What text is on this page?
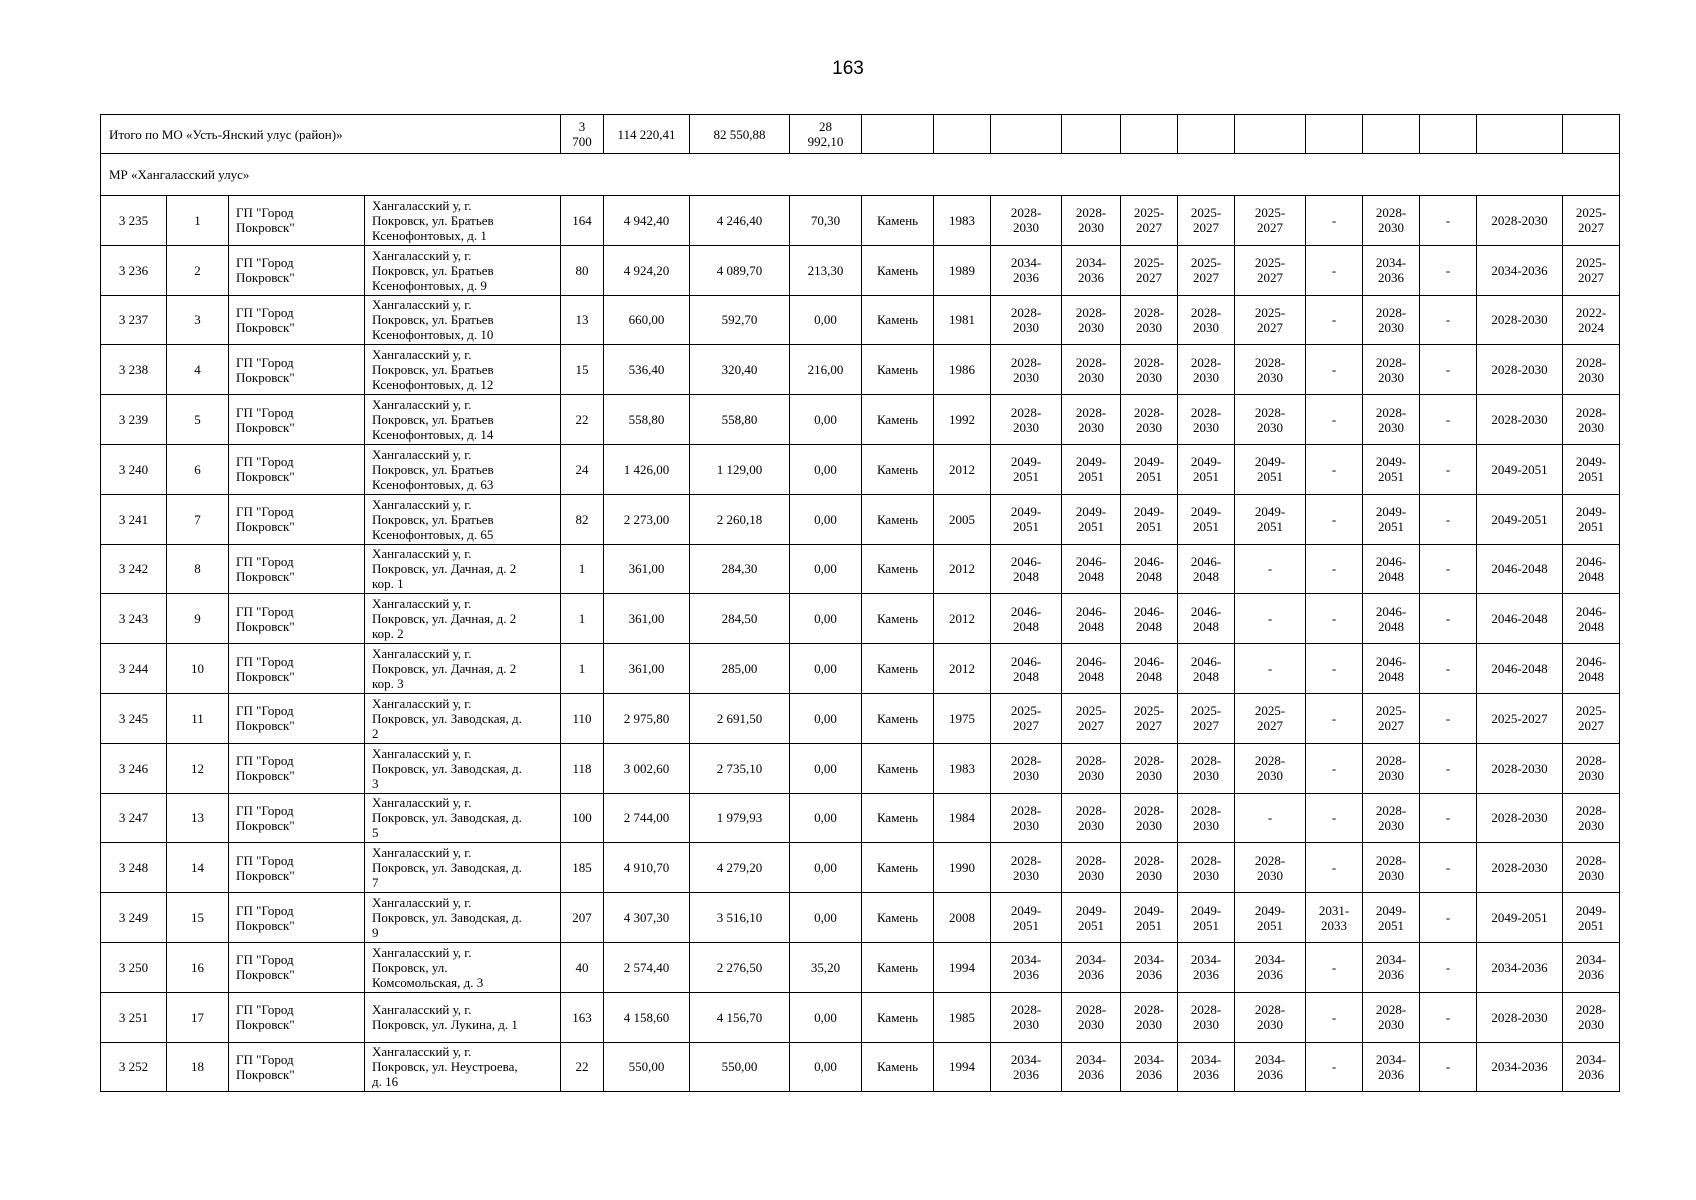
163
Итого по МО «Усть-Янский улус (район)»				3
700	114 220,41	82 550,88	28
992,10												
МР «Хангаласский улус»																			
3 235	1	ГП "Город
Покровск"	Хангаласский у, г.
Покровск, ул. Братьев
Ксенофонтовых, д. 1	164	4 942,40	4 246,40	70,30	Камень	1983	2028-
2030	2028-
2030	2025-
2027	2025-
2027	2025-
2027	-	2028-
2030	-	2028-2030	2025-
2027
3 236	2	ГП "Город
Покровск"	Хангаласский у, г.
Покровск, ул. Братьев
Ксенофонтовых, д. 9	80	4 924,20	4 089,70	213,30	Камень	1989	2034-
2036	2034-
2036	2025-
2027	2025-
2027	2025-
2027	-	2034-
2036	-	2034-2036	2025-
2027
3 237	3	ГП "Город
Покровск"	Хангаласский у, г.
Покровск, ул. Братьев
Ксенофонтовых, д. 10	13	660,00	592,70	0,00	Камень	1981	2028-
2030	2028-
2030	2028-
2030	2028-
2030	2025-
2027	-	2028-
2030	-	2028-2030	2022-
2024
3 238	4	ГП "Город
Покровск"	Хангаласский у, г.
Покровск, ул. Братьев
Ксенофонтовых, д. 12	15	536,40	320,40	216,00	Камень	1986	2028-
2030	2028-
2030	2028-
2030	2028-
2030	2028-
2030	-	2028-
2030	-	2028-2030	2028-
2030
3 239	5	ГП "Город
Покровск"	Хангаласский у, г.
Покровск, ул. Братьев
Ксенофонтовых, д. 14	22	558,80	558,80	0,00	Камень	1992	2028-
2030	2028-
2030	2028-
2030	2028-
2030	2028-
2030	-	2028-
2030	-	2028-2030	2028-
2030
3 240	6	ГП "Город
Покровск"	Хангаласский у, г.
Покровск, ул. Братьев
Ксенофонтовых, д. 63	24	1 426,00	1 129,00	0,00	Камень	2012	2049-
2051	2049-
2051	2049-
2051	2049-
2051	2049-
2051	-	2049-
2051	-	2049-2051	2049-
2051
3 241	7	ГП "Город
Покровск"	Хангаласский у, г.
Покровск, ул. Братьев
Ксенофонтовых, д. 65	82	2 273,00	2 260,18	0,00	Камень	2005	2049-
2051	2049-
2051	2049-
2051	2049-
2051	2049-
2051	-	2049-
2051	-	2049-2051	2049-
2051
3 242	8	ГП "Город
Покровск"	Хангаласский у, г.
Покровск, ул. Дачная, д. 2
кор. 1	1	361,00	284,30	0,00	Камень	2012	2046-
2048	2046-
2048	2046-
2048	2046-
2048	-	-	2046-
2048	-	2046-2048	2046-
2048
3 243	9	ГП "Город
Покровск"	Хангаласский у, г.
Покровск, ул. Дачная, д. 2
кор. 2	1	361,00	284,50	0,00	Камень	2012	2046-
2048	2046-
2048	2046-
2048	2046-
2048	-	-	2046-
2048	-	2046-2048	2046-
2048
3 244	10	ГП "Город
Покровск"	Хангаласский у, г.
Покровск, ул. Дачная, д. 2
кор. 3	1	361,00	285,00	0,00	Камень	2012	2046-
2048	2046-
2048	2046-
2048	2046-
2048	-	-	2046-
2048	-	2046-2048	2046-
2048
3 245	11	ГП "Город
Покровск"	Хангаласский у, г.
Покровск, ул. Заводская, д.
2	110	2 975,80	2 691,50	0,00	Камень	1975	2025-
2027	2025-
2027	2025-
2027	2025-
2027	2025-
2027	-	2025-
2027	-	2025-2027	2025-
2027
3 246	12	ГП "Город
Покровск"	Хангаласский у, г.
Покровск, ул. Заводская, д.
3	118	3 002,60	2 735,10	0,00	Камень	1983	2028-
2030	2028-
2030	2028-
2030	2028-
2030	2028-
2030	-	2028-
2030	-	2028-2030	2028-
2030
3 247	13	ГП "Город
Покровск"	Хангаласский у, г.
Покровск, ул. Заводская, д.
5	100	2 744,00	1 979,93	0,00	Камень	1984	2028-
2030	2028-
2030	2028-
2030	2028-
2030	-	-	2028-
2030	-	2028-2030	2028-
2030
3 248	14	ГП "Город
Покровск"	Хангаласский у, г.
Покровск, ул. Заводская, д.
7	185	4 910,70	4 279,20	0,00	Камень	1990	2028-
2030	2028-
2030	2028-
2030	2028-
2030	2028-
2030	-	2028-
2030	-	2028-2030	2028-
2030
3 249	15	ГП "Город
Покровск"	Хангаласский у, г.
Покровск, ул. Заводская, д.
9	207	4 307,30	3 516,10	0,00	Камень	2008	2049-
2051	2049-
2051	2049-
2051	2049-
2051	2049-
2051	2031-
2033	2049-
2051	-	2049-2051	2049-
2051
3 250	16	ГП "Город
Покровск"	Хангаласский у, г.
Покровск, ул.
Комсомольская, д. 3	40	2 574,40	2 276,50	35,20	Камень	1994	2034-
2036	2034-
2036	2034-
2036	2034-
2036	2034-
2036	-	2034-
2036	-	2034-2036	2034-
2036
3 251	17	ГП "Город
Покровск"	Хангаласский у, г.
Покровск, ул. Лукина, д. 1	163	4 158,60	4 156,70	0,00	Камень	1985	2028-
2030	2028-
2030	2028-
2030	2028-
2030	2028-
2030	-	2028-
2030	-	2028-2030	2028-
2030
3 252	18	ГП "Город
Покровск"	Хангаласский у, г.
Покровск, ул. Неустроева,
д. 16	22	550,00	550,00	0,00	Камень	1994	2034-
2036	2034-
2036	2034-
2036	2034-
2036	2034-
2036	-	2034-
2036	-	2034-2036	2034-
2036
